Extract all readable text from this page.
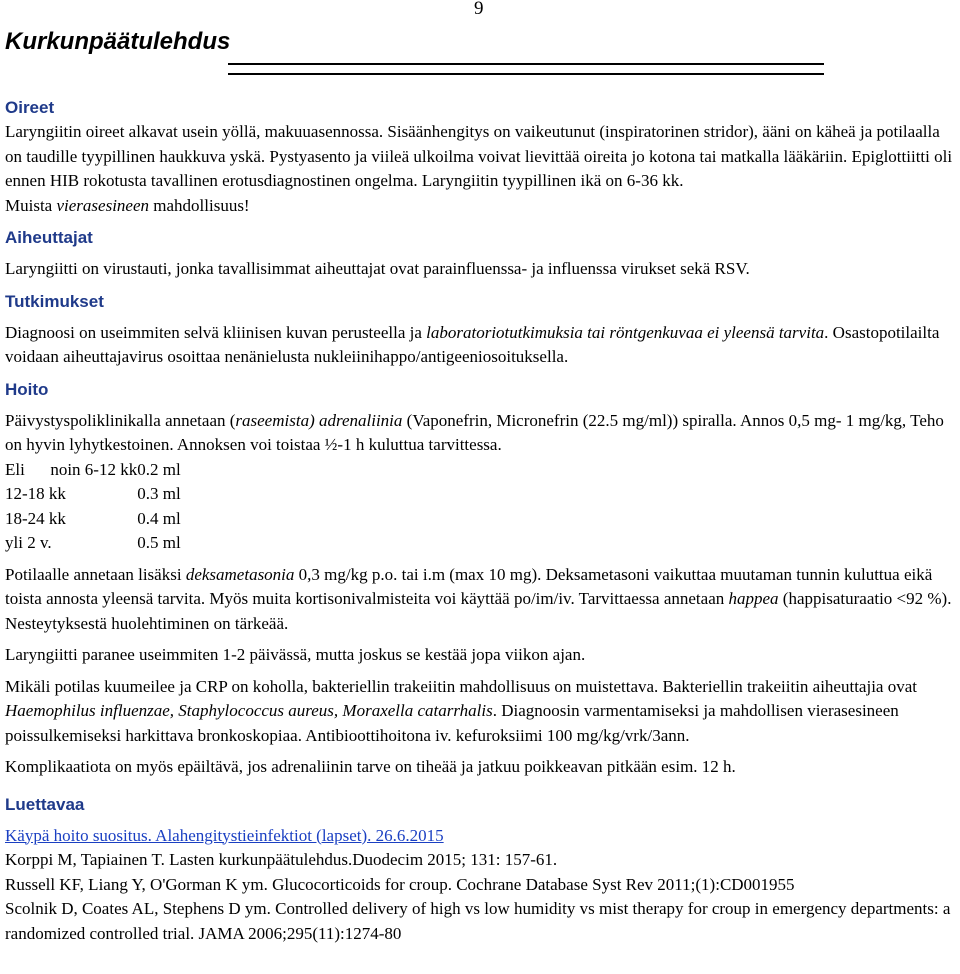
9
Kurkunpäätulehdus
Oireet

Laryngiitin oireet alkavat usein yöllä, makuuasennossa. Sisäänhengitys on vaikeutunut (inspiratorinen stridor), ääni on käheä ja potilaalla on taudille tyypillinen haukkuva yskä. Pystyasento ja viileä ulkoilma voivat lievittää oireita jo kotona tai matkalla lääkäriin. Epiglottiitti oli ennen HIB rokotusta tavallinen erotusdiagnostinen ongelma. Laryngiitin tyypillinen ikä on 6-36 kk.

Muista vierasesineen mahdollisuus!

Aiheuttajat

Laryngiitti on virustauti, jonka tavallisimmat aiheuttajat ovat parainfluenssa- ja influenssa virukset sekä RSV.

Tutkimukset

Diagnoosi on useimmiten selvä kliinisen kuvan perusteella ja laboratoriotutkimuksia tai röntgenkuvaa ei yleensä tarvita. Osastopotilailta voidaan aiheuttajavirus osoittaa nenänielusta nukleiinihappo/antigeeniosoituksella.

Hoito

Päivystyspoliklinikalla annetaan (raseemista) adrenaliinia (Vaponefrin, Micronefrin (22.5 mg/ml)) spiralla. Annos 0,5 mg- 1 mg/kg, Teho on hyvin lyhytkestoinen. Annoksen voi toistaa ½-1 h kuluttua tarvittessa.

Eli      noin 6-12 kk	0.2 ml
12-18 kk	0.3 ml
18-24 kk	0.4 ml
yli 2 v.	0.5 ml

Potilaalle annetaan lisäksi deksametasonia 0,3 mg/kg p.o. tai i.m (max 10 mg). Deksametasoni vaikuttaa muutaman tunnin kuluttua eikä toista annosta yleensä tarvita. Myös muita kortisonivalmisteita voi käyttää po/im/iv. Tarvittaessa annetaan happea (happisaturaatio <92 %). Nesteytyksestä huolehtiminen on tärkeää.

Laryngiitti paranee useimmiten 1-2 päivässä, mutta joskus se kestää jopa viikon ajan.

Mikäli potilas kuumeilee ja CRP on koholla, bakteriellin trakeiitin mahdollisuus on muistettava. Bakteriellin trakeiitin aiheuttajia ovat Haemophilus influenzae, Staphylococcus aureus, Moraxella catarrhalis. Diagnoosin varmentamiseksi ja mahdollisen vierasesineen poissulkemiseksi harkittava bronkoskopiaa. Antibioottihoitona iv. kefuroksiimi 100 mg/kg/vrk/3ann.

Komplikaatiota on myös epäiltävä, jos adrenaliinin tarve on tiheää ja jatkuu poikkeavan pitkään esim. 12 h.

Luettavaa

Käypä hoito suositus. Alahengitystieinfektiot (lapset). 26.6.2015

Korppi M, Tapiainen T. Lasten kurkunpäätulehdus.Duodecim 2015; 131: 157-61.

Russell KF, Liang Y, O'Gorman K ym. Glucocorticoids for croup. Cochrane Database Syst Rev 2011;(1):CD001955

Scolnik D, Coates AL, Stephens D ym. Controlled delivery of high vs low humidity vs mist therapy for croup in emergency departments: a randomized controlled trial. JAMA 2006;295(11):1274-80
